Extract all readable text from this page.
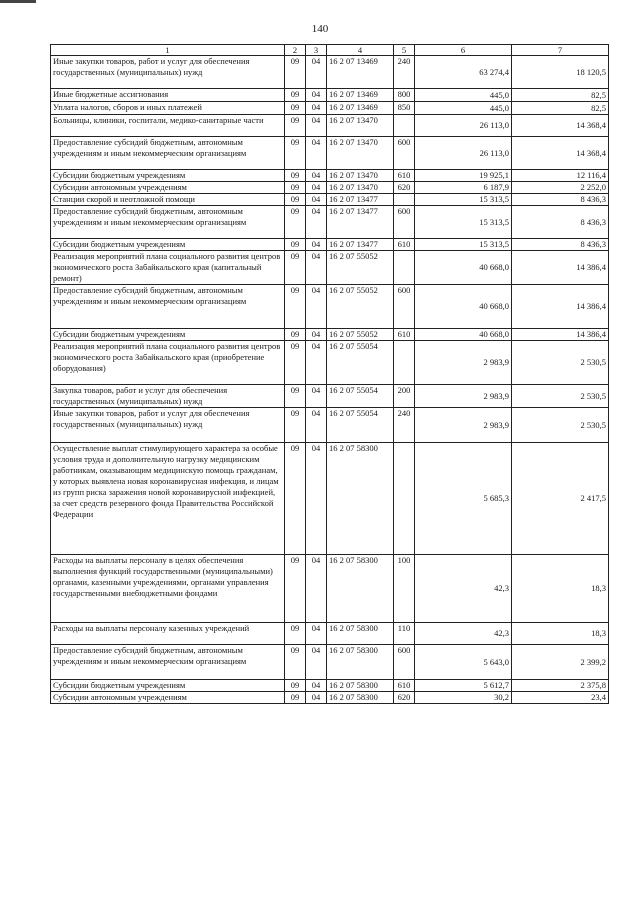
140
1	2	3	4	5	6	7
Иные закупки товаров, работ и услуг для обеспечения государственных (муниципальных) нужд	09	04	16 2 07 13469	240	63 274,4	18 120,5
Иные бюджетные ассигнования	09	04	16 2 07 13469	800	445,0	82,5
Уплата налогов, сборов и иных платежей	09	04	16 2 07 13469	850	445,0	82,5
Больницы, клиники, госпитали, медико-санитарные части	09	04	16 2 07 13470		26 113,0	14 368,4
Предоставление субсидий бюджетным, автономным учреждениям и иным некоммерческим организациям	09	04	16 2 07 13470	600	26 113,0	14 368,4
Субсидии бюджетным учреждениям	09	04	16 2 07 13470	610	19 925,1	12 116,4
Субсидии автономным учреждениям	09	04	16 2 07 13470	620	6 187,9	2 252,0
Станции скорой и неотложной помощи	09	04	16 2 07 13477		15 313,5	8 436,3
Предоставление субсидий бюджетным, автономным учреждениям и иным некоммерческим организациям	09	04	16 2 07 13477	600	15 313,5	8 436,3
Субсидии бюджетным учреждениям	09	04	16 2 07 13477	610	15 313,5	8 436,3
Реализация мероприятий плана социального развития центров экономического роста Забайкальского края (капитальный ремонт)	09	04	16 2 07 55052		40 668,0	14 386,4
Предоставление субсидий бюджетным, автономным учреждениям и иным некоммерческим организациям	09	04	16 2 07 55052	600	40 668,0	14 386,4
Субсидии бюджетным учреждениям	09	04	16 2 07 55052	610	40 668,0	14 386,4
Реализация мероприятий плана социального развития центров экономического роста Забайкальского края (приобретение оборудования)	09	04	16 2 07 55054		2 983,9	2 530,5
Закупка товаров, работ и услуг для обеспечения государственных (муниципальных) нужд	09	04	16 2 07 55054	200	2 983,9	2 530,5
Иные закупки товаров, работ и услуг для обеспечения государственных (муниципальных) нужд	09	04	16 2 07 55054	240	2 983,9	2 530,5
Осуществление выплат стимулирующего характера за особые условия труда и дополнительную нагрузку медицинским работникам, оказывающим медицинскую помощь гражданам, у которых выявлена новая коронавирусная инфекция, и лицам из групп риска заражения новой коронавирусной инфекцией, за счет средств резервного фонда Правительства Российской Федерации	09	04	16 2 07 58300		5 685,3	2 417,5
Расходы на выплаты персоналу в целях обеспечения выполнения функций государственными (муниципальными) органами, казенными учреждениями, органами управления государственными внебюджетными фондами	09	04	16 2 07 58300	100	42,3	18,3
Расходы на выплаты персоналу казенных учреждений	09	04	16 2 07 58300	110	42,3	18,3
Предоставление субсидий бюджетным, автономным учреждениям и иным некоммерческим организациям	09	04	16 2 07 58300	600	5 643,0	2 399,2
Субсидии бюджетным учреждениям	09	04	16 2 07 58300	610	5 612,7	2 375,8
Субсидии автономным учреждениям	09	04	16 2 07 58300	620	30,2	23,4
